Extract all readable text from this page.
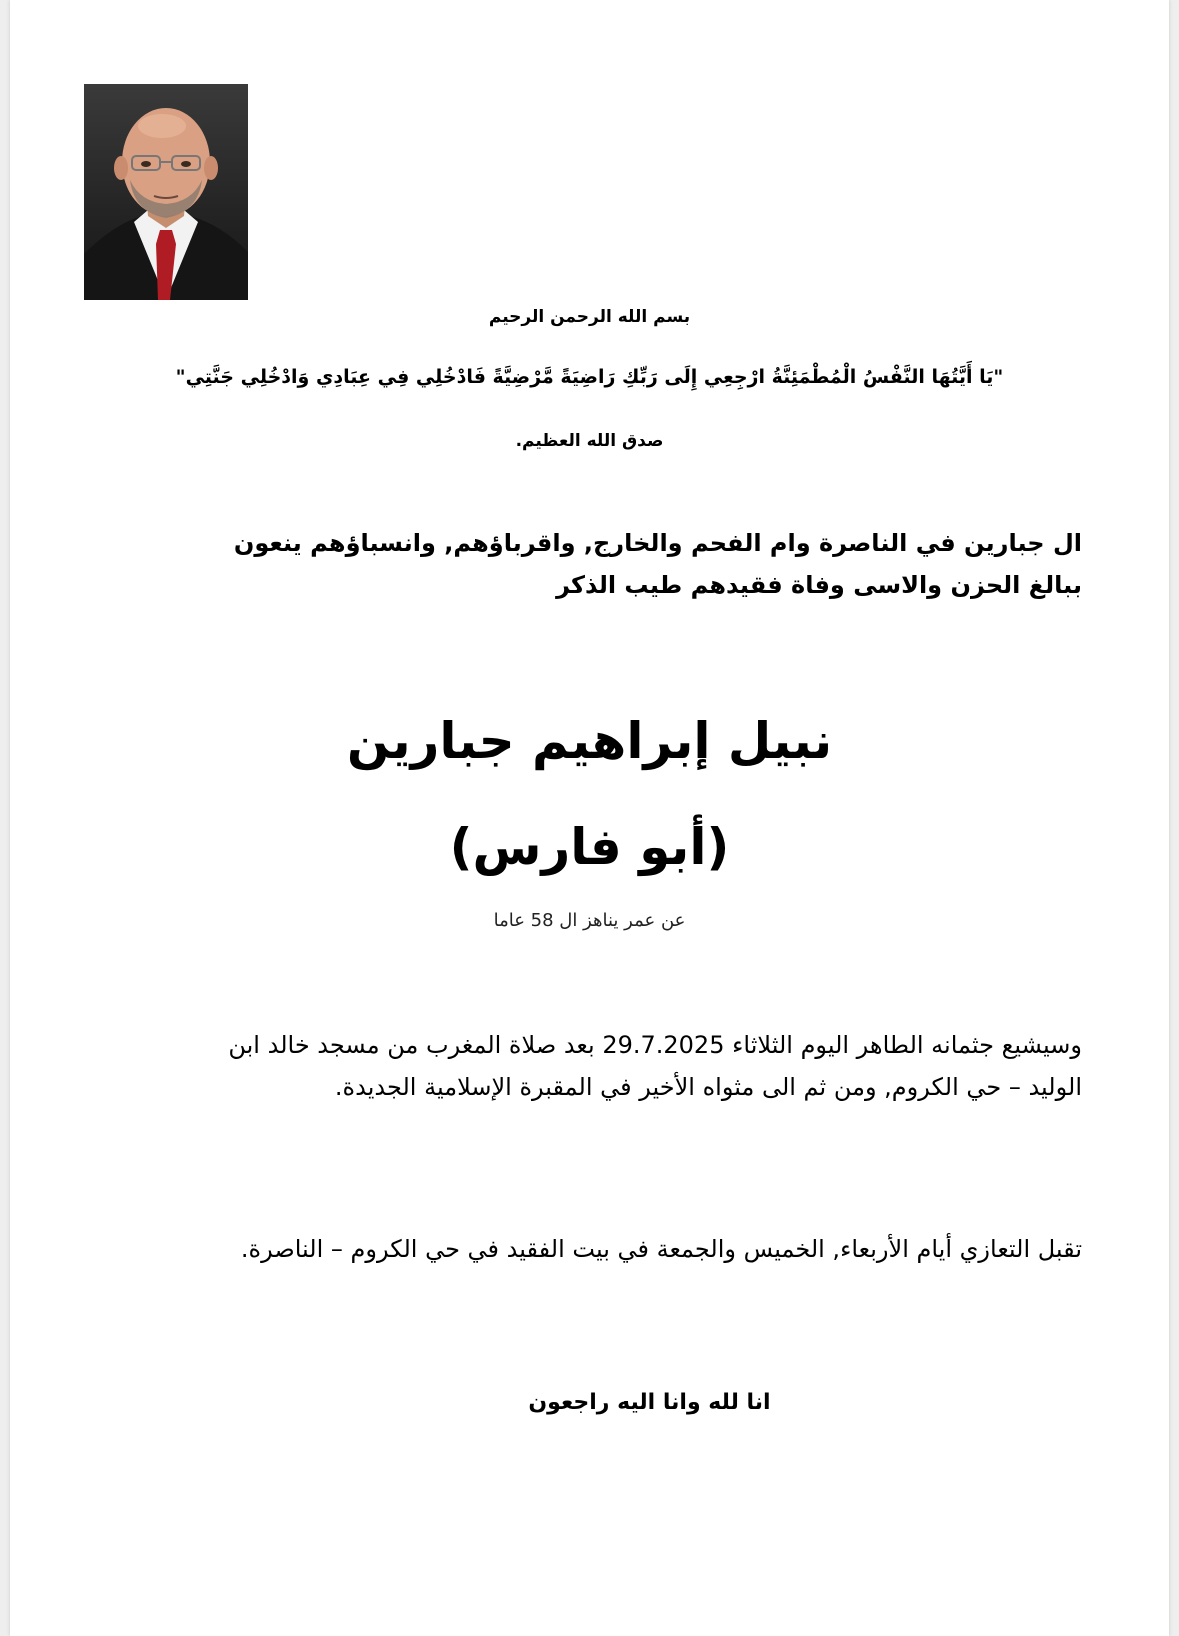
بسم الله الرحمن الرحيم
"يَا أَيَّتُهَا النَّفْسُ الْمُطْمَئِنَّةُ ارْجِعِي إِلَى رَبِّكِ رَاضِيَةً مَّرْضِيَّةً فَادْخُلِي فِي عِبَادِي وَادْخُلِي جَنَّتِي"
صدق الله العظيم.
ال جبارين في الناصرة وام الفحم والخارج, واقرباؤهم, وانسباؤهم ينعون ببالغ الحزن والاسى وفاة فقيدهم طيب الذكر
نبيل إبراهيم جبارين
(أبو فارس)
عن عمر يناهز ال 58 عاما
وسيشيع جثمانه الطاهر اليوم الثلاثاء 29.7.2025 بعد صلاة المغرب من مسجد خالد ابن الوليد – حي الكروم, ومن ثم الى مثواه الأخير في المقبرة الإسلامية الجديدة.
تقبل التعازي أيام الأربعاء, الخميس والجمعة في بيت الفقيد في حي الكروم – الناصرة.
انا لله وانا اليه راجعون
